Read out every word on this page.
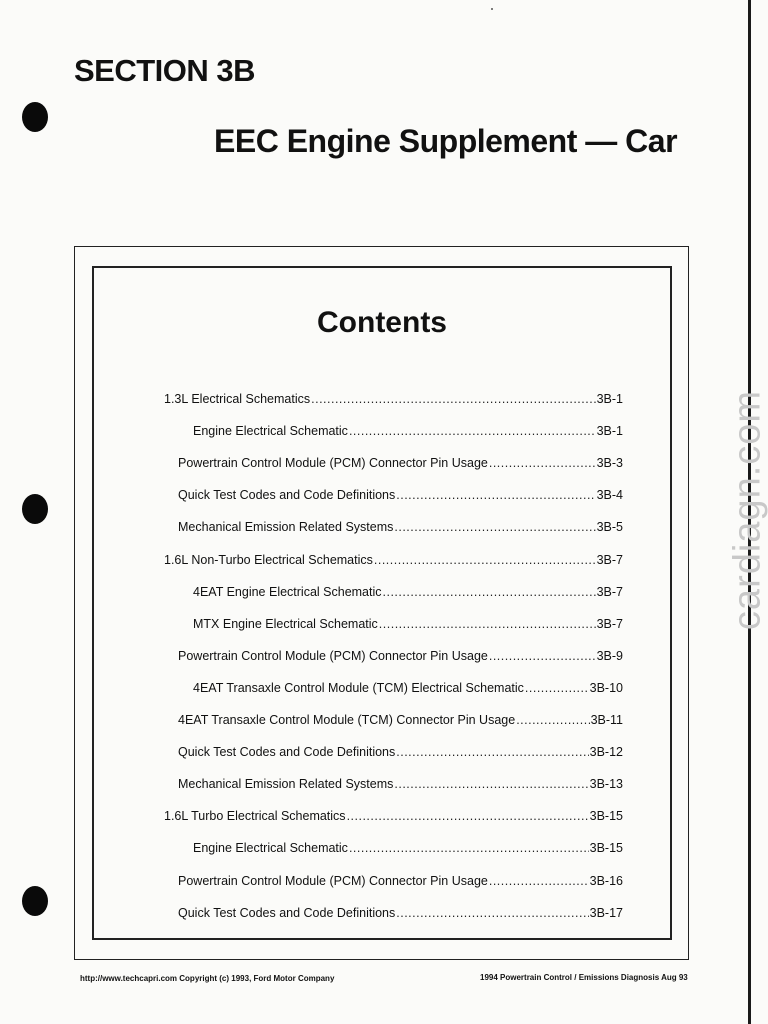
cardiagn.com
SECTION 3B
EEC Engine Supplement — Car
Contents
1.3L Electrical Schematics .....	3B-1
Engine Electrical Schematic .....	3B-1
Powertrain Control Module (PCM) Connector Pin Usage .....	3B-3
Quick Test Codes and Code Definitions .....	3B-4
Mechanical Emission Related Systems .....	3B-5
1.6L Non-Turbo Electrical Schematics .....	3B-7
4EAT Engine Electrical Schematic .....	3B-7
MTX Engine Electrical Schematic .....	3B-7
Powertrain Control Module (PCM) Connector Pin Usage .....	3B-9
4EAT Transaxle Control Module (TCM) Electrical Schematic .....	3B-10
4EAT Transaxle Control Module (TCM) Connector Pin Usage .....	3B-11
Quick Test Codes and Code Definitions .....	3B-12
Mechanical Emission Related Systems .....	3B-13
1.6L Turbo Electrical Schematics .....	3B-15
Engine Electrical Schematic .....	3B-15
Powertrain Control Module (PCM) Connector Pin Usage .....	3B-16
Quick Test Codes and Code Definitions .....	3B-17
http://www.techcapri.com Copyright (c) 1993, Ford Motor Company	1994 Powertrain Control / Emissions Diagnosis Aug 93
